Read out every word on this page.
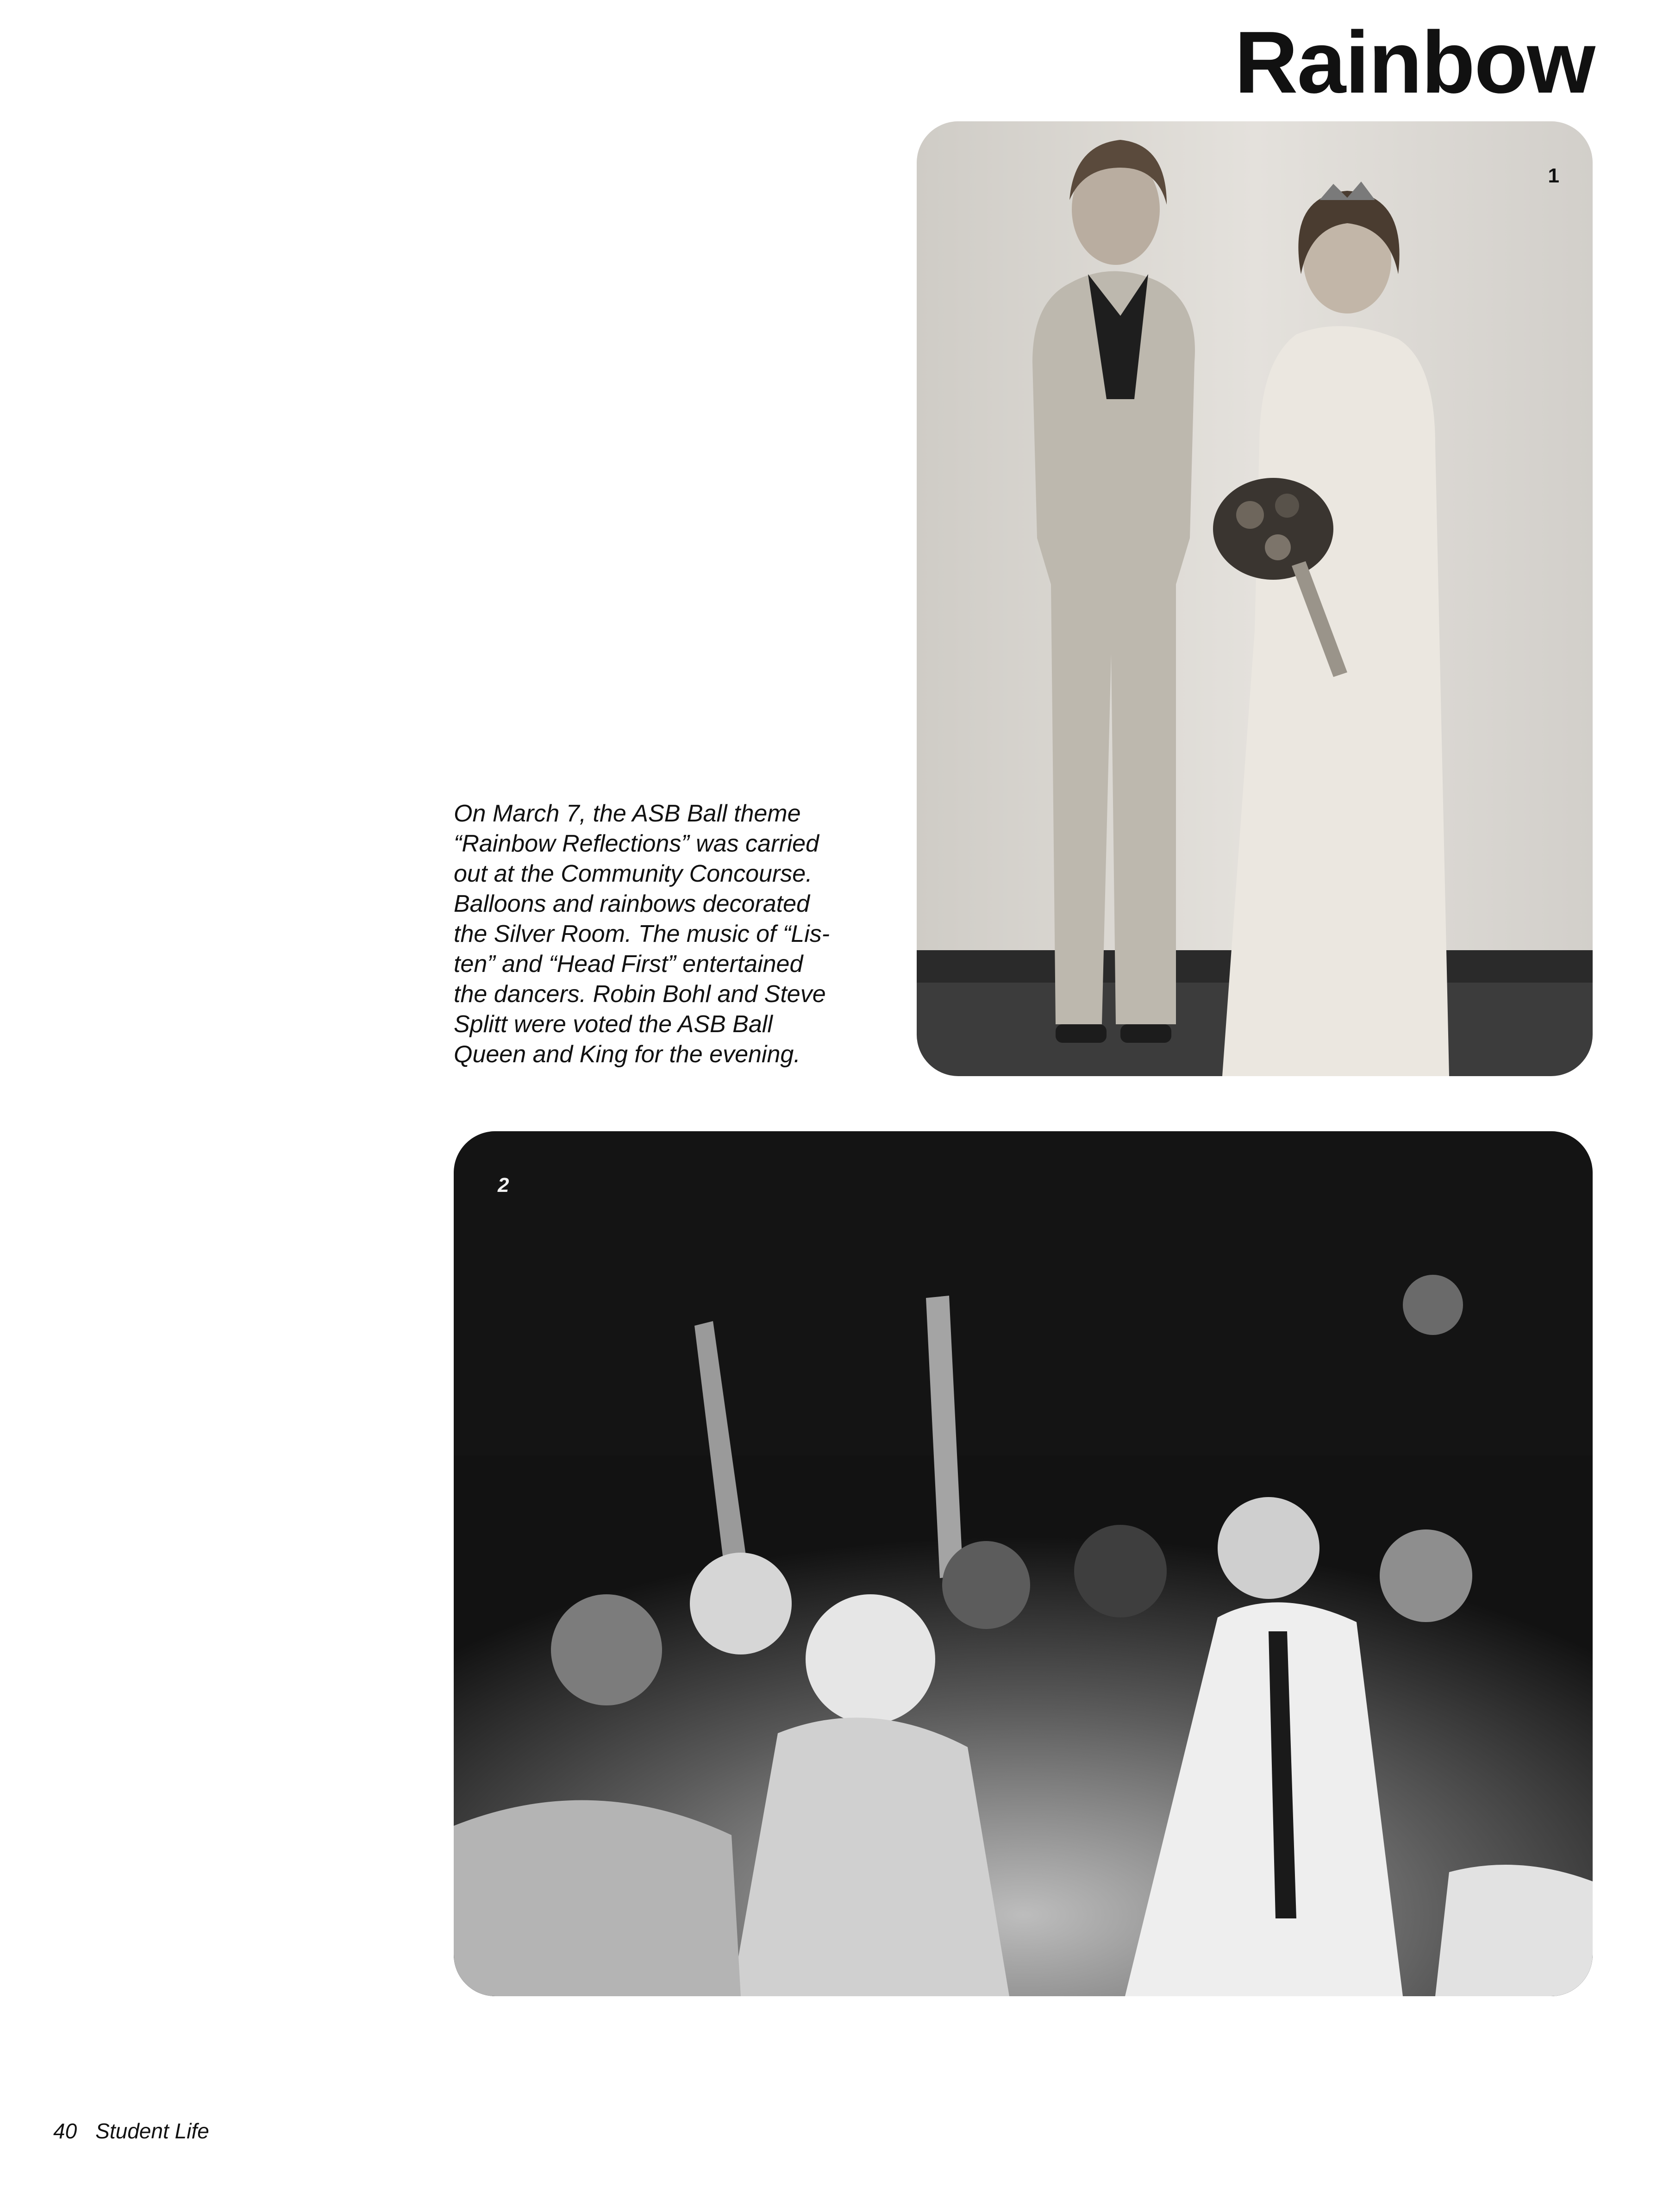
Rainbow
1
On March 7, the ASB Ball theme
“Rainbow Reflections” was carried
out at the Community Concourse.
Balloons and rainbows decorated
the Silver Room. The music of “Lis-
ten” and “Head First” entertained
the dancers. Robin Bohl and Steve
Splitt were voted the ASB Ball
Queen and King for the evening.
2
40 Student Life
